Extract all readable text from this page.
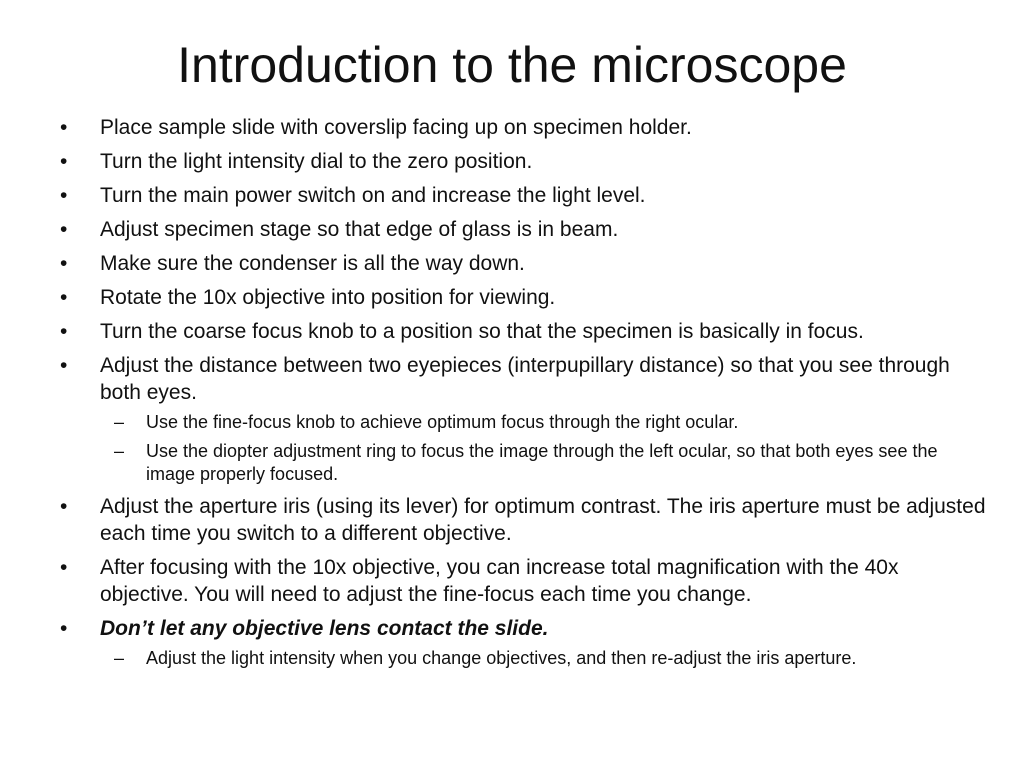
Introduction to the microscope
•	Place sample slide with coverslip facing up on specimen holder.
•	Turn the light intensity dial to the zero position.
•	Turn the main power switch on and increase the light level.
•	Adjust specimen stage so that edge of glass is in beam.
•	Make sure the condenser is all the way down.
•	Rotate the 10x objective into position for viewing.
•	Turn the coarse focus knob to a position so that the specimen is basically in focus.
•	Adjust the distance between two eyepieces (interpupillary distance) so that you see through both eyes.
– Use the fine-focus knob to achieve optimum focus through the right ocular.
– Use the diopter adjustment ring to focus the image through the left ocular, so that both eyes see the image properly focused.
•	Adjust the aperture iris (using its lever) for optimum contrast. The iris aperture must be adjusted each time you switch to a different objective.
•	After focusing with the 10x objective, you can increase total magnification with the 40x objective. You will need to adjust the fine-focus each time you change.
•	Don’t let any objective lens contact the slide.
– Adjust the light intensity when you change objectives, and then re-adjust the iris aperture.
